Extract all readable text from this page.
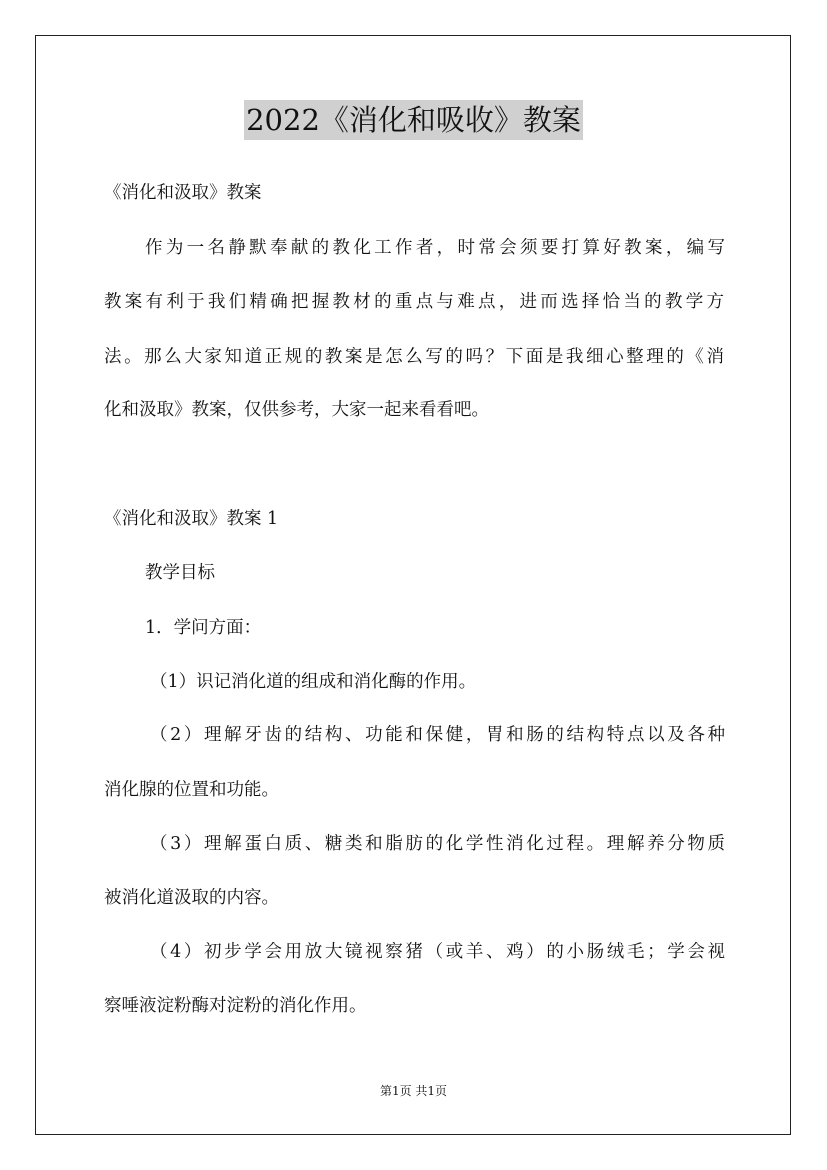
2022《消化和吸收》教案
《消化和汲取》教案
作为一名静默奉献的教化工作者，时常会须要打算好教案，编写
教案有利于我们精确把握教材的重点与难点，进而选择恰当的教学方
法。那么大家知道正规的教案是怎么写的吗？下面是我细心整理的《消
化和汲取》教案，仅供参考，大家一起来看看吧。
《消化和汲取》教案 1
教学目标
1．学问方面：
（1）识记消化道的组成和消化酶的作用。
（2）理解牙齿的结构、功能和保健，胃和肠的结构特点以及各种
消化腺的位置和功能。
（3）理解蛋白质、糖类和脂肪的化学性消化过程。理解养分物质
被消化道汲取的内容。
（4）初步学会用放大镜视察猪（或羊、鸡）的小肠绒毛；学会视
察唾液淀粉酶对淀粉的消化作用。
第1页 共1页
